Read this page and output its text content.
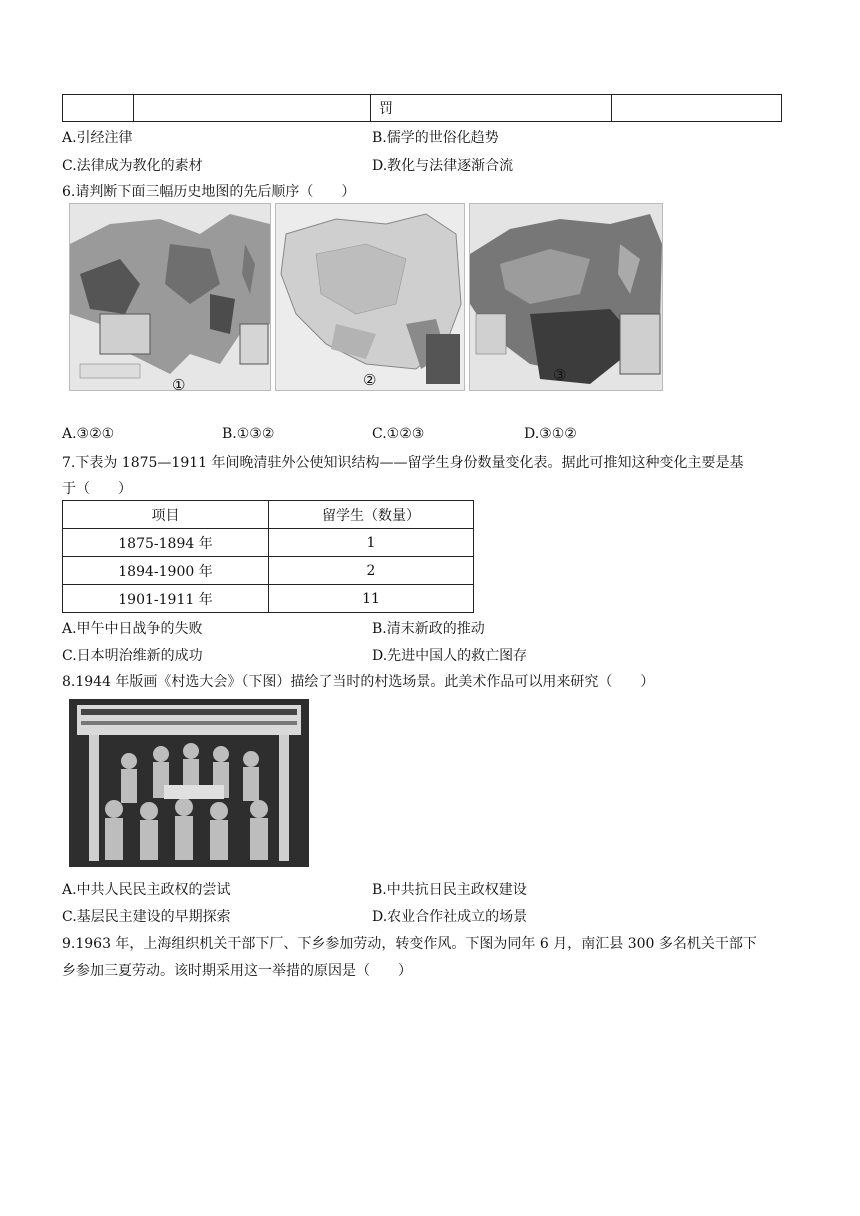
		罚	
A.引经注律	B.儒学的世俗化趋势
C.法律成为教化的素材	D.教化与法律逐渐合流
6.请判断下面三幅历史地图的先后顺序（　　）
①	②	③
A.③②①	B.①③②	C.①②③	D.③①②
7.下表为 1875—1911 年间晚清驻外公使知识结构——留学生身份数量变化表。据此可推知这种变化主要是基
于（　　）
项目	留学生（数量）
1875-1894 年	1
1894-1900 年	2
1901-1911 年	11
A.甲午中日战争的失败	B.清末新政的推动
C.日本明治维新的成功	D.先进中国人的救亡图存
8.1944 年版画《村选大会》（下图）描绘了当时的村选场景。此美术作品可以用来研究（　　）
A.中共人民民主政权的尝试	B.中共抗日民主政权建设
C.基层民主建设的早期探索	D.农业合作社成立的场景
9.1963 年，上海组织机关干部下厂、下乡参加劳动，转变作风。下图为同年 6 月，南汇县 300 多名机关干部下
乡参加三夏劳动。该时期采用这一举措的原因是（　　）
